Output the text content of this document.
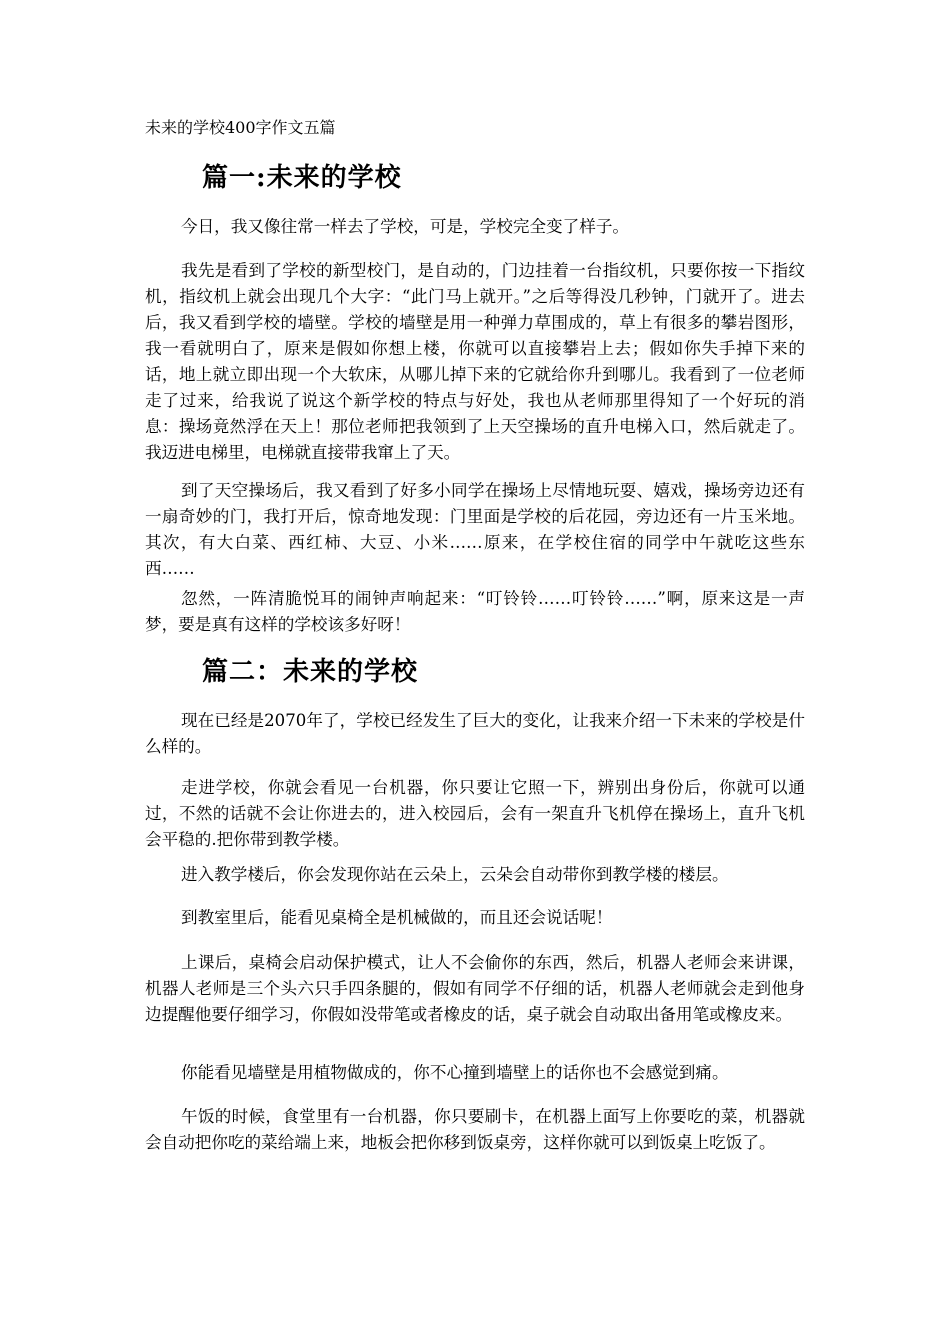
未来的学校400字作文五篇
篇一:未来的学校

今日，我又像往常一样去了学校，可是，学校完全变了样子。

我先是看到了学校的新型校门，是自动的，门边挂着一台指纹机，只要你按一下指纹机，指纹机上就会出现几个大字：“此门马上就开。”之后等得没几秒钟，门就开了。进去后，我又看到学校的墙壁。学校的墙壁是用一种弹力草围成的，草上有很多的攀岩图形，我一看就明白了，原来是假如你想上楼，你就可以直接攀岩上去；假如你失手掉下来的话，地上就立即出现一个大软床，从哪儿掉下来的它就给你升到哪儿。我看到了一位老师走了过来，给我说了说这个新学校的特点与好处，我也从老师那里得知了一个好玩的消息：操场竟然浮在天上！那位老师把我领到了上天空操场的直升电梯入口，然后就走了。我迈进电梯里，电梯就直接带我窜上了天。

到了天空操场后，我又看到了好多小同学在操场上尽情地玩耍、嬉戏，操场旁边还有一扇奇妙的门，我打开后，惊奇地发现：门里面是学校的后花园，旁边还有一片玉米地。其次，有大白菜、西红柿、大豆、小米……原来，在学校住宿的同学中午就吃这些东西……

忽然，一阵清脆悦耳的闹钟声响起来：“叮铃铃……叮铃铃……”啊，原来这是一声梦，要是真有这样的学校该多好呀！

篇二：未来的学校

现在已经是2070年了，学校已经发生了巨大的变化，让我来介绍一下未来的学校是什么样的。

走进学校，你就会看见一台机器，你只要让它照一下，辨别出身份后，你就可以通过，不然的话就不会让你进去的，进入校园后，会有一架直升飞机停在操场上，直升飞机会平稳的.把你带到教学楼。

进入教学楼后，你会发现你站在云朵上，云朵会自动带你到教学楼的楼层。

到教室里后，能看见桌椅全是机械做的，而且还会说话呢！

上课后，桌椅会启动保护模式，让人不会偷你的东西，然后，机器人老师会来讲课，机器人老师是三个头六只手四条腿的，假如有同学不仔细的话，机器人老师就会走到他身边提醒他要仔细学习，你假如没带笔或者橡皮的话，桌子就会自动取出备用笔或橡皮来。

你能看见墙壁是用植物做成的，你不心撞到墙壁上的话你也不会感觉到痛。

午饭的时候，食堂里有一台机器，你只要刷卡，在机器上面写上你要吃的菜，机器就会自动把你吃的菜给端上来，地板会把你移到饭桌旁，这样你就可以到饭桌上吃饭了。
